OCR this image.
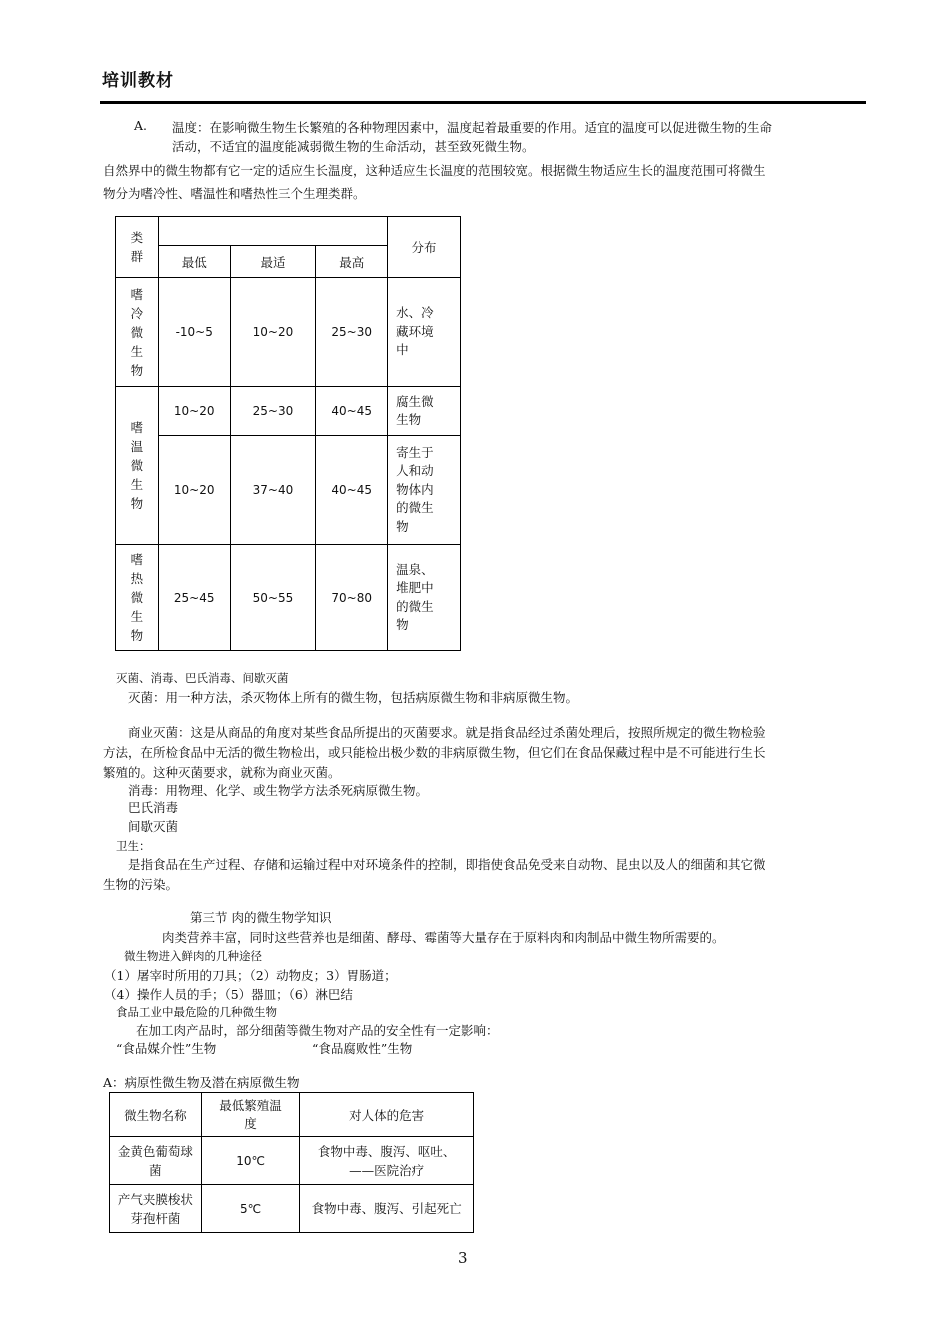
培训教材
A. 温度：在影响微生物生长繁殖的各种物理因素中，温度起着最重要的作用。适宜的温度可以促进微生物的生命
活动，不适宜的温度能减弱微生物的生命活动，甚至致死微生物。
自然界中的微生物都有它一定的适应生长温度，这种适应生长温度的范围较宽。根据微生物适应生长的温度范围可将微生
物分为嗜冷性、嗜温性和嗜热性三个生理类群。
类群				分布
	最低	最适	最高	
嗜冷微生物	-10~5	10~20	25~30	水、冷藏环境中
嗜温微生物	10~20	25~30	40~45	腐生微生物
	10~20	37~40	40~45	寄生于人和动物体内的微生物
嗜热微生物	25~45	50~55	70~80	温泉、堆肥中的微生物
灭菌、消毒、巴氏消毒、间歇灭菌
灭菌：用一种方法，杀灭物体上所有的微生物，包括病原微生物和非病原微生物。
商业灭菌：这是从商品的角度对某些食品所提出的灭菌要求。就是指食品经过杀菌处理后，按照所规定的微生物检验
方法，在所检食品中无活的微生物检出，或只能检出极少数的非病原微生物，但它们在食品保藏过程中是不可能进行生长
繁殖的。这种灭菌要求，就称为商业灭菌。
消毒：用物理、化学、或生物学方法杀死病原微生物。
巴氏消毒
间歇灭菌
卫生：
是指食品在生产过程、存储和运输过程中对环境条件的控制，即指使食品免受来自动物、昆虫以及人的细菌和其它微
生物的污染。
第三节 肉的微生物学知识
肉类营养丰富，同时这些营养也是细菌、酵母、霉菌等大量存在于原料肉和肉制品中微生物所需要的。
微生物进入鲜肉的几种途径
（1）屠宰时所用的刀具；（2）动物皮；3）胃肠道；
（4）操作人员的手；（5）器皿；（6）淋巴结
食品工业中最危险的几种微生物
在加工肉产品时，部分细菌等微生物对产品的安全性有一定影响：
“食品媒介性”生物	“食品腐败性”生物
A：病原性微生物及潜在病原微生物
微生物名称	最低繁殖温度	对人体的危害
金黄色葡萄球菌	10℃	食物中毒、腹泻、呕吐、——医院治疗
产气夹膜梭状芽孢杆菌	5℃	食物中毒、腹泻、引起死亡
3
